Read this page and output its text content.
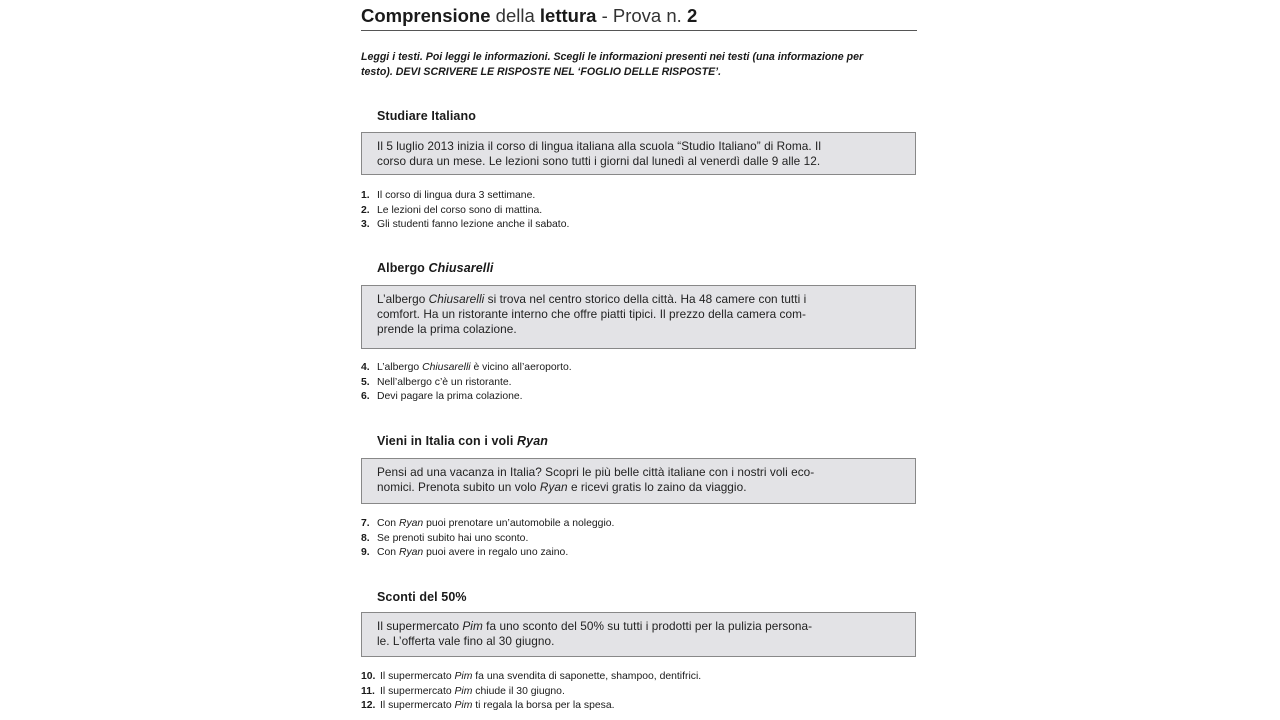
Comprensione della lettura - Prova n. 2
Leggi i testi. Poi leggi le informazioni. Scegli le informazioni presenti nei testi (una informazione per
testo). DEVI SCRIVERE LE RISPOSTE NEL ‘FOGLIO DELLE RISPOSTE’.
Studiare Italiano
Il 5 luglio 2013 inizia il corso di lingua italiana alla scuola “Studio Italiano” di Roma. Il
corso dura un mese. Le lezioni sono tutti i giorni dal lunedì al venerdì dalle 9 alle 12.
1. Il corso di lingua dura 3 settimane.
2. Le lezioni del corso sono di mattina.
3. Gli studenti fanno lezione anche il sabato.
Albergo Chiusarelli
L’albergo Chiusarelli si trova nel centro storico della città. Ha 48 camere con tutti i
comfort. Ha un ristorante interno che offre piatti tipici. Il prezzo della camera com-
prende la prima colazione.
4. L’albergo Chiusarelli è vicino all’aeroporto.
5. Nell’albergo c’è un ristorante.
6. Devi pagare la prima colazione.
Vieni in Italia con i voli Ryan
Pensi ad una vacanza in Italia? Scopri le più belle città italiane con i nostri voli eco-
nomici. Prenota subito un volo Ryan e ricevi gratis lo zaino da viaggio.
7. Con Ryan puoi prenotare un’automobile a noleggio.
8. Se prenoti subito hai uno sconto.
9. Con Ryan puoi avere in regalo uno zaino.
Sconti del 50%
Il supermercato Pim fa uno sconto del 50% su tutti i prodotti per la pulizia persona-
le. L’offerta vale fino al 30 giugno.
10. Il supermercato Pim fa una svendita di saponette, shampoo, dentifrici.
11. Il supermercato Pim chiude il 30 giugno.
12. Il supermercato Pim ti regala la borsa per la spesa.
